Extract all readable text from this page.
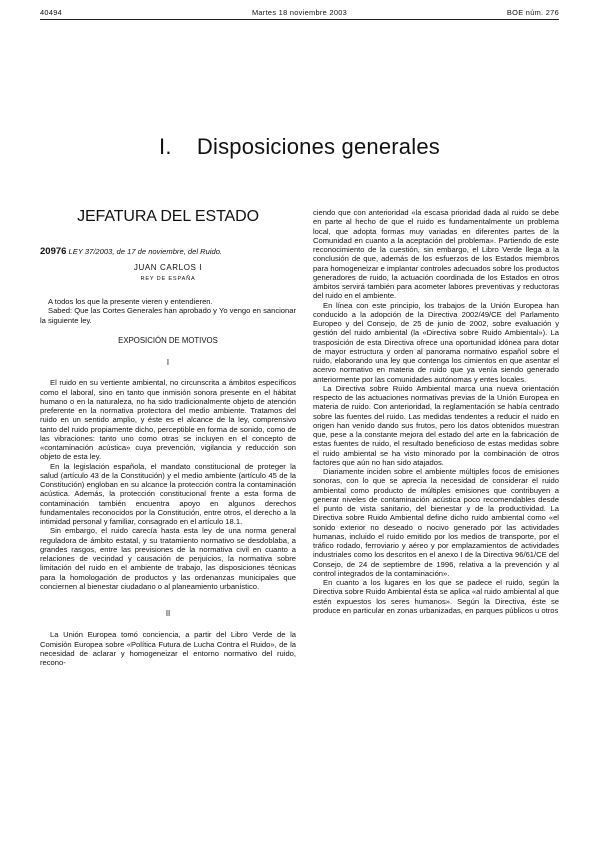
40494	Martes 18 noviembre 2003	BOE núm. 276
I.    Disposiciones generales
JEFATURA DEL ESTADO
20976 LEY 37/2003, de 17 de noviembre, del Ruido.
JUAN CARLOS I
REY DE ESPAÑA

A todos los que la presente vieren y entendieren.

Sabed: Que las Cortes Generales han aprobado y Yo vengo en sancionar la siguiente ley.

EXPOSICIÓN DE MOTIVOS
I

El ruido en su vertiente ambiental, no circunscrita a ámbitos específicos como el laboral, sino en tanto que inmisión sonora presente en el hábitat humano o en la naturaleza, no ha sido tradicionalmente objeto de atención preferente en la normativa protectora del medio ambiente. Tratamos del ruido en un sentido amplio, y éste es el alcance de la ley, comprensivo tanto del ruido propiamente dicho, perceptible en forma de sonido, como de las vibraciones: tanto uno como otras se incluyen en el concepto de «contaminación acústica» cuya prevención, vigilancia y reducción son objeto de esta ley.

En la legislación española, el mandato constitucional de proteger la salud (artículo 43 de la Constitución) y el medio ambiente (artículo 45 de la Constitución) engloban en su alcance la protección contra la contaminación acústica. Además, la protección constitucional frente a esta forma de contaminación también encuentra apoyo en algunos derechos fundamentales reconocidos por la Constitución, entre otros, el derecho a la intimidad personal y familiar, consagrado en el artículo 18.1.

Sin embargo, el ruido carecía hasta esta ley de una norma general reguladora de ámbito estatal, y su tratamiento normativo se desdoblaba, a grandes rasgos, entre las previsiones de la normativa civil en cuanto a relaciones de vecindad y causación de perjuicios, la normativa sobre limitación del ruido en el ambiente de trabajo, las disposiciones técnicas para la homologación de productos y las ordenanzas municipales que conciernen al bienestar ciudadano o al planeamiento urbanístico.

II

La Unión Europea tomó conciencia, a partir del Libro Verde de la Comisión Europea sobre «Política Futura de Lucha Contra el Ruido», de la necesidad de aclarar y homogeneizar el entorno normativo del ruido, recono-

ciendo que con anterioridad «la escasa prioridad dada al ruido se debe en parte al hecho de que el ruido es fundamentalmente un problema local, que adopta formas muy variadas en diferentes partes de la Comunidad en cuanto a la aceptación del problema». Partiendo de este reconocimiento de la cuestión, sin embargo, el Libro Verde llega a la conclusión de que, además de los esfuerzos de los Estados miembros para homogeneizar e implantar controles adecuados sobre los productos generadores de ruido, la actuación coordinada de los Estados en otros ámbitos servirá también para acometer labores preventivas y reductoras del ruido en el ambiente.

En línea con este principio, los trabajos de la Unión Europea han conducido a la adopción de la Directiva 2002/49/CE del Parlamento Europeo y del Consejo, de 25 de junio de 2002, sobre evaluación y gestión del ruido ambiental (la «Directiva sobre Ruido Ambiental»). La trasposición de esta Directiva ofrece una oportunidad idónea para dotar de mayor estructura y orden al panorama normativo español sobre el ruido, elaborando una ley que contenga los cimientos en que asentar el acervo normativo en materia de ruido que ya venía siendo generado anteriormente por las comunidades autónomas y entes locales.

La Directiva sobre Ruido Ambiental marca una nueva orientación respecto de las actuaciones normativas previas de la Unión Europea en materia de ruido. Con anterioridad, la reglamentación se había centrado sobre las fuentes del ruido. Las medidas tendentes a reducir el ruido en origen han venido dando sus frutos, pero los datos obtenidos muestran que, pese a la constante mejora del estado del arte en la fabricación de estas fuentes de ruido, el resultado beneficioso de estas medidas sobre el ruido ambiental se ha visto minorado por la combinación de otros factores que aún no han sido atajados.

Diariamente inciden sobre el ambiente múltiples focos de emisiones sonoras, con lo que se aprecia la necesidad de considerar el ruido ambiental como producto de múltiples emisiones que contribuyen a generar niveles de contaminación acústica poco recomendables desde el punto de vista sanitario, del bienestar y de la productividad. La Directiva sobre Ruido Ambiental define dicho ruido ambiental como «el sonido exterior no deseado o nocivo generado por las actividades humanas, incluido el ruido emitido por los medios de transporte, por el tráfico rodado, ferroviario y aéreo y por emplazamientos de actividades industriales como los descritos en el anexo I de la Directiva 96/61/CE del Consejo, de 24 de septiembre de 1996, relativa a la prevención y al control integrados de la contaminación».

En cuanto a los lugares en los que se padece el ruido, según la Directiva sobre Ruido Ambiental ésta se aplica «al ruido ambiental al que estén expuestos los seres humanos». Según la Directiva, éste se produce en particular en zonas urbanizadas, en parques públicos u otros
